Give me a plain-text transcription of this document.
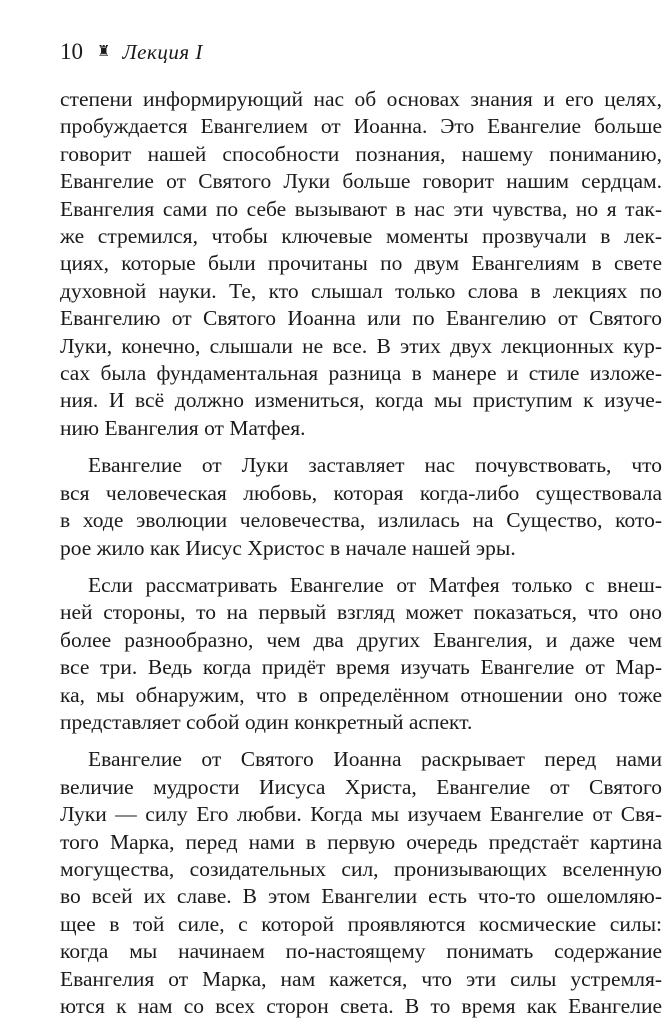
10 ♜ Лекция I
степени информирующий нас об основах знания и его целях,
пробуждается Евангелием от Иоанна. Это Евангелие больше
говорит нашей способности познания, нашему пониманию,
Евангелие от Святого Луки больше говорит нашим сердцам.
Евангелия сами по себе вызывают в нас эти чувства, но я так-
же стремился, чтобы ключевые моменты прозвучали в лек-
циях, которые были прочитаны по двум Евангелиям в свете
духовной науки. Те, кто слышал только слова в лекциях по
Евангелию от Святого Иоанна или по Евангелию от Святого
Луки, конечно, слышали не все. В этих двух лекционных кур-
сах была фундаментальная разница в манере и стиле изложе-
ния. И всё должно измениться, когда мы приступим к изуче-
нию Евангелия от Матфея.
Евангелие от Луки заставляет нас почувствовать, что
вся человеческая любовь, которая когда-либо существовала
в ходе эволюции человечества, излилась на Существо, кото-
рое жило как Иисус Христос в начале нашей эры.
Если рассматривать Евангелие от Матфея только с внеш-
ней стороны, то на первый взгляд может показаться, что оно
более разнообразно, чем два других Евангелия, и даже чем
все три. Ведь когда придёт время изучать Евангелие от Мар-
ка, мы обнаружим, что в определённом отношении оно тоже
представляет собой один конкретный аспект.
Евангелие от Святого Иоанна раскрывает перед нами
величие мудрости Иисуса Христа, Евангелие от Святого
Луки — силу Его любви. Когда мы изучаем Евангелие от Свя-
того Марка, перед нами в первую очередь предстаёт картина
могущества, созидательных сил, пронизывающих вселенную
во всей их славе. В этом Евангелии есть что-то ошеломляю-
щее в той силе, с которой проявляются космические силы:
когда мы начинаем по-настоящему понимать содержание
Евангелия от Марка, нам кажется, что эти силы устремля-
ются к нам со всех сторон света. В то время как Евангелие
